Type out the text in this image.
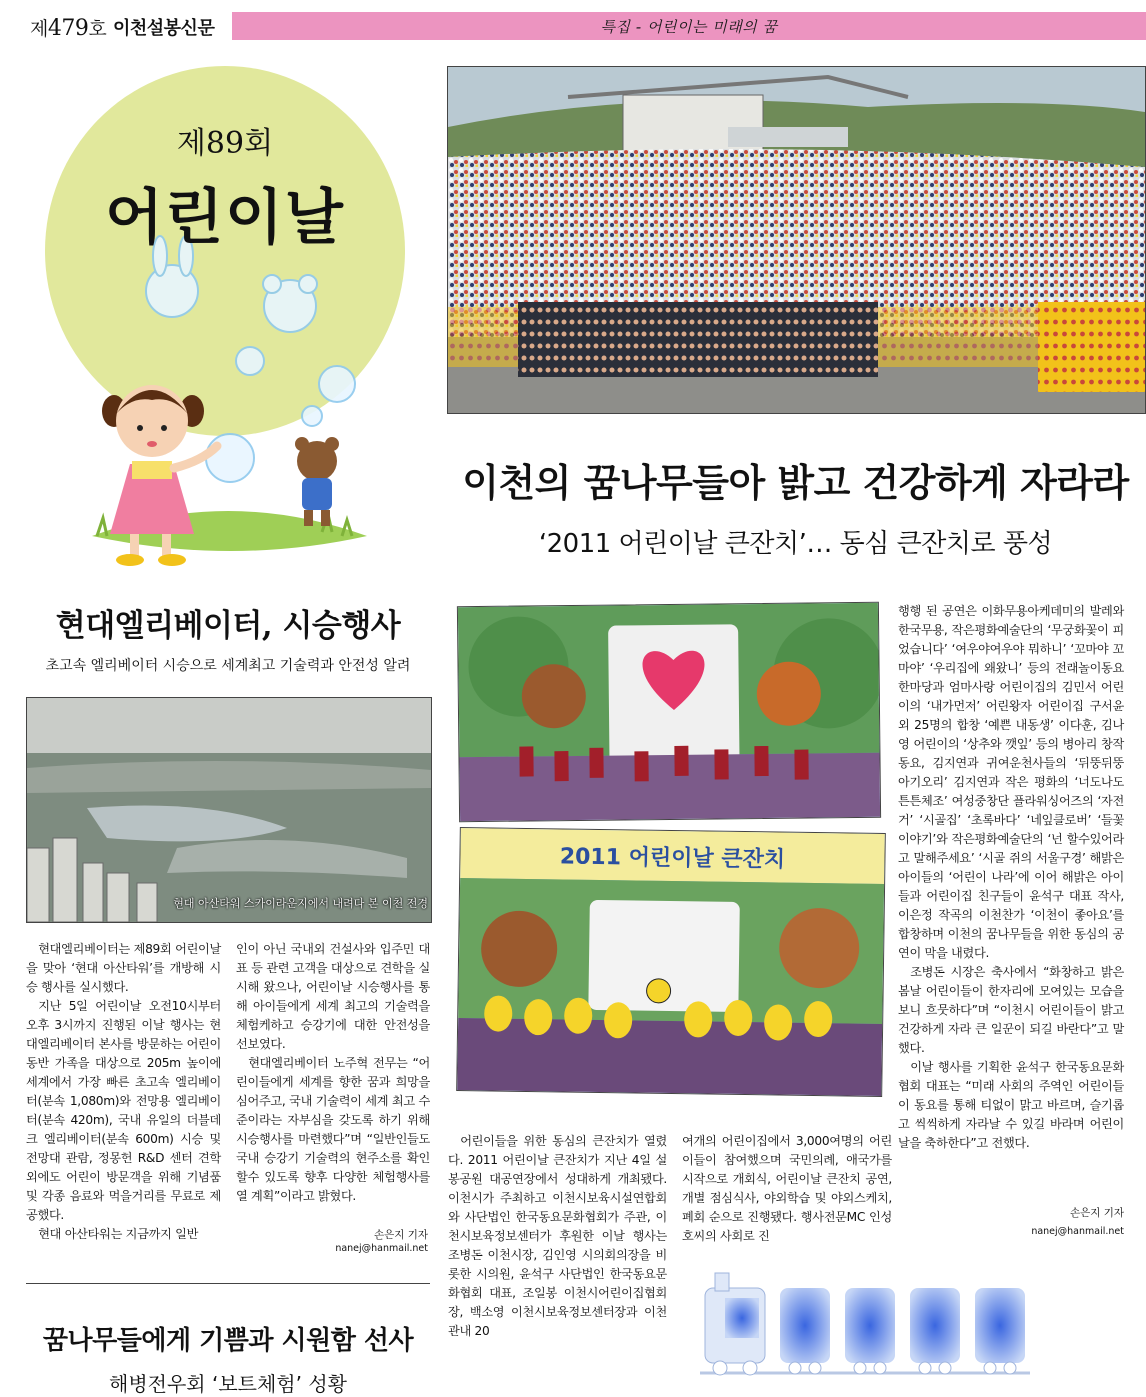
제479호 이천설봉신문	특집 - 어린이는 미래의 꿈
제89회
어린이날
이천의 꿈나무들아 밝고 건강하게 자라라
‘2011 어린이날 큰잔치’… 동심 큰잔치로 풍성
현대엘리베이터, 시승행사
초고속 엘리베이터 시승으로 세계최고 기술력과 안전성 알려
현대 아산타워 스카이라운지에서 내려다 본 이천 전경

현대엘리베이터는 제89회 어린이날을 맞아 ‘현대 아산타워’를 개방해 시승 행사를 실시했다.

지난 5일 어린이날 오전10시부터 오후 3시까지 진행된 이날 행사는 현대엘리베이터 본사를 방문하는 어린이 동반 가족을 대상으로 205m 높이에 세계에서 가장 빠른 초고속 엘리베이터(분속 1,080m)와 전망용 엘리베이터(분속 420m), 국내 유일의 더블데크 엘리베이터(분속 600m) 시승 및 전망대 관람, 정몽헌 R&D 센터 견학 외에도 어린이 방문객을 위해 기념품 및 각종 음료와 먹을거리를 무료로 제공했다.

현대 아산타워는 지금까지 일반

인이 아닌 국내외 건설사와 입주민 대표 등 관련 고객을 대상으로 견학을 실시해 왔으나, 어린이날 시승행사를 통해 아이들에게 세계 최고의 기술력을 체험케하고 승강기에 대한 안전성을 선보였다.

현대엘리베이터 노주혁 전무는 “어린이들에게 세계를 향한 꿈과 희망을 심어주고, 국내 기술력이 세계 최고 수준이라는 자부심을 갖도록 하기 위해 시승행사를 마련했다”며 “일반인들도 국내 승강기 기술력의 현주소를 확인할수 있도록 향후 다양한 체험행사를 열 계획”이라고 밝혔다.

손은지 기자
nanej@hanmail.net
2011 어린이날 큰잔치

행행 된 공연은 이화무용아케데미의 발레와 한국무용, 작은평화예술단의 ‘무궁화꽃이 피었습니다’ ‘여우야여우야 뭐하니’ ‘꼬마야 꼬마야’ ‘우리집에 왜왔니’ 등의 전래놀이동요 한마당과 엄마사랑 어린이집의 김민서 어린이의 ‘내가먼저’ 어린왕자 어린이집 구서윤 외 25명의 합창 ‘예쁜 내동생’ 이다훈, 김나영 어린이의 ‘상추와 깻잎’ 등의 병아리 창작동요, 김지연과 귀여운천사들의 ‘뒤뚱뒤뚱 아기오리’ 김지연과 작은 평화의 ‘너도나도 튼튼체조’ 여성중창단 플라워싱어즈의 ‘자전거’ ‘시골집’ ‘초록바다’ ‘네잎클로버’ ‘들꽃이야기’와 작은평화예술단의 ‘넌 할수있어라고 말해주세요’ ‘시골 쥐의 서울구경’ 해밝은 아이들의 ‘어린이 나라’에 이어 해밝은 아이들과 어린이집 친구들이 윤석구 대표 작사, 이은정 작곡의 이천찬가 ‘이천이 좋아요’를 합창하며 이천의 꿈나무들을 위한 동심의 공연이 막을 내렸다.

조병돈 시장은 축사에서 “화창하고 밝은 봄날 어린이들이 한자리에 모여있는 모습을 보니 흐뭇하다”며 “이천시 어린이들이 밝고 건강하게 자라 큰 일꾼이 되길 바란다”고 말했다.

이날 행사를 기획한 윤석구 한국동요문화협회 대표는 “미래 사회의 주역인 어린이들이 동요를 통해 티없이 맑고 바르며, 슬기롭고 씩씩하게 자라날 수 있길 바라며 어린이날을 축하한다”고 전했다.

손은지 기자
nanej@hanmail.net

어린이들을 위한 동심의 큰잔치가 열렸다. 2011 어린이날 큰잔치가 지난 4일 설봉공원 대공연장에서 성대하게 개최됐다. 이천시가 주최하고 이천시보육시설연합회와 사단법인 한국동요문화협회가 주관, 이천시보육정보센터가 후원한 이날 행사는 조병돈 이천시장, 김인영 시의회의장을 비롯한 시의원, 윤석구 사단법인 한국동요문화협회 대표, 조일봉 이천시어린이집협회장, 백소영 이천시보육정보센터장과 이천관내 20

여개의 어린이집에서 3,000여명의 어린이들이 참여했으며 국민의례, 애국가를 시작으로 개회식, 어린이날 큰잔치 공연, 개별 점심식사, 야외학습 및 야외스케치, 폐회 순으로 진행됐다. 행사전문MC 인성호씨의 사회로 진

꿈나무들에게 기쁨과 시원함 선사
해병전우회 ‘보트체험’ 성황
